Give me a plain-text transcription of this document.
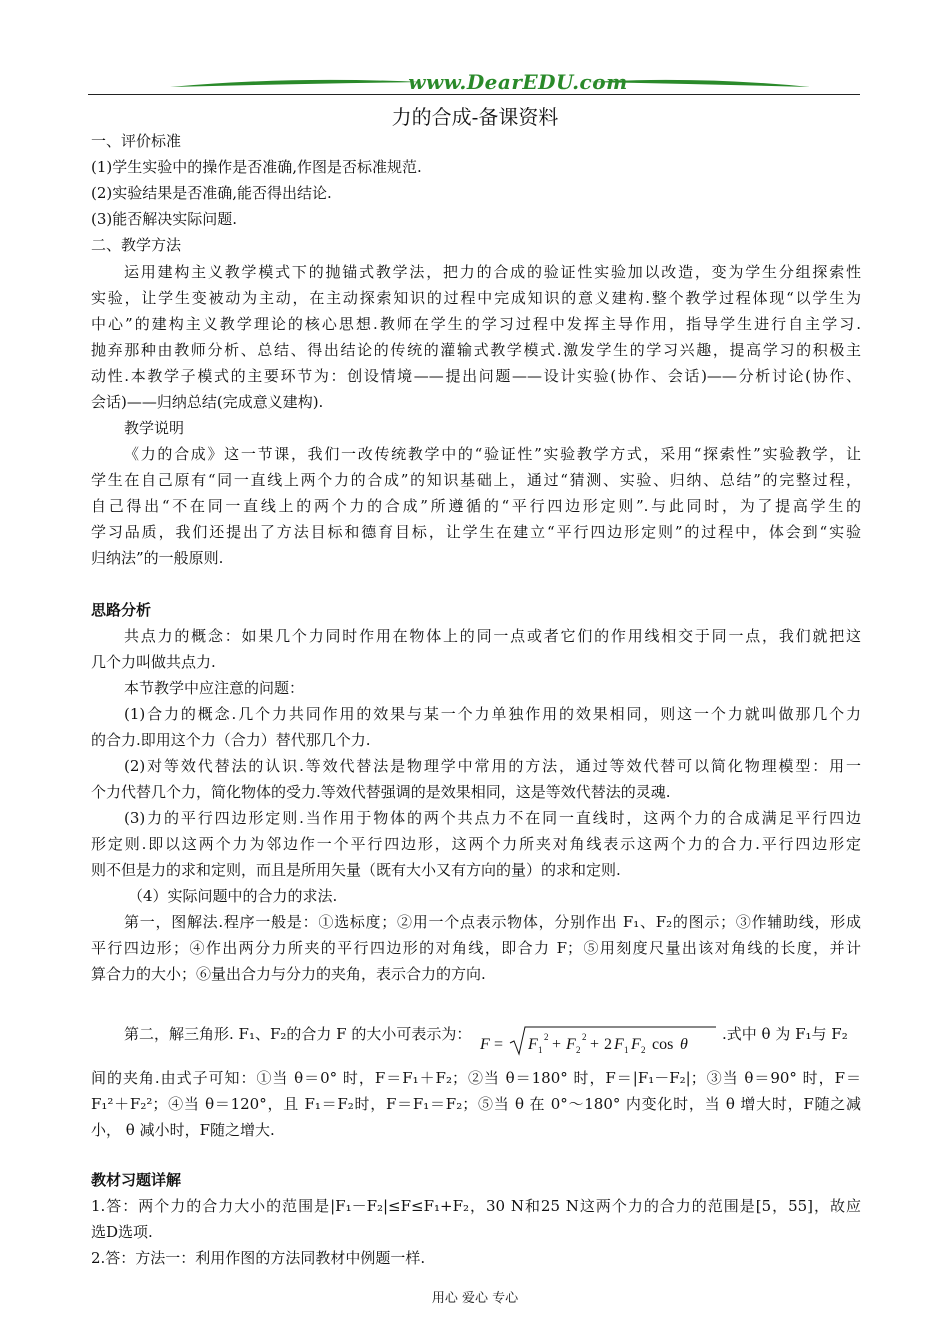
www.DearEDU.com
力的合成-备课资料
一、评价标准
(1)学生实验中的操作是否准确,作图是否标准规范.
(2)实验结果是否准确,能否得出结论.
(3)能否解决实际问题.
二、教学方法
运用建构主义教学模式下的抛锚式教学法，把力的合成的验证性实验加以改造，变为学生分组探索性
实验，让学生变被动为主动，在主动探索知识的过程中完成知识的意义建构.整个教学过程体现“以学生为
中心”的建构主义教学理论的核心思想.教师在学生的学习过程中发挥主导作用，指导学生进行自主学习.
抛弃那种由教师分析、总结、得出结论的传统的灌输式教学模式.激发学生的学习兴趣，提高学习的积极主
动性.本教学子模式的主要环节为：创设情境——提出问题——设计实验(协作、会话)——分析讨论(协作、
会话)——归纳总结(完成意义建构).
教学说明
《力的合成》这一节课，我们一改传统教学中的“验证性”实验教学方式，采用“探索性”实验教学，让
学生在自己原有“同一直线上两个力的合成”的知识基础上，通过“猜测、实验、归纳、总结”的完整过程，
自己得出“不在同一直线上的两个力的合成”所遵循的“平行四边形定则”.与此同时，为了提高学生的
学习品质，我们还提出了方法目标和德育目标，让学生在建立“平行四边形定则”的过程中，体会到“实验
归纳法”的一般原则.
思路分析
共点力的概念：如果几个力同时作用在物体上的同一点或者它们的作用线相交于同一点，我们就把这
几个力叫做共点力.
本节教学中应注意的问题：
(1)合力的概念.几个力共同作用的效果与某一个力单独作用的效果相同，则这一个力就叫做那几个力
的合力.即用这个力（合力）替代那几个力.
(2)对等效代替法的认识.等效代替法是物理学中常用的方法，通过等效代替可以简化物理模型：用一
个力代替几个力，简化物体的受力.等效代替强调的是效果相同，这是等效代替法的灵魂.
(3)力的平行四边形定则.当作用于物体的两个共点力不在同一直线时，这两个力的合成满足平行四边
形定则.即以这两个力为邻边作一个平行四边形，这两个力所夹对角线表示这两个力的合力.平行四边形定
则不但是力的求和定则，而且是所用矢量（既有大小又有方向的量）的求和定则.
（4）实际问题中的合力的求法.
第一，图解法.程序一般是：①选标度；②用一个点表示物体，分别作出 F₁、F₂的图示；③作辅助线，形成
平行四边形；④作出两分力所夹的平行四边形的对角线，即合力 F；⑤用刻度尺量出该对角线的长度，并计
算合力的大小；⑥量出合力与分力的夹角，表示合力的方向.
第二，解三角形. F₁、F₂的合力 F 的大小可表示为：
F = F 1
2 + F 2
2 + 2 F 1 F 2 cos θ
.式中 θ 为 F₁与 F₂
间的夹角.由式子可知：①当 θ＝0° 时，F＝F₁＋F₂；②当 θ＝180° 时，F＝|F₁－F₂|；③当 θ＝90° 时，F＝
F₁²＋F₂²；④当 θ＝120°，且 F₁＝F₂时，F＝F₁＝F₂；⑤当 θ 在 0°～180° 内变化时，当 θ 增大时，F随之减
小， θ 减小时，F随之增大.
教材习题详解
1.答：两个力的合力大小的范围是|F₁－F₂|≤F≤F₁+F₂，30 N和25 N这两个力的合力的范围是[5，55]，故应
选D选项.
2.答：方法一：利用作图的方法同教材中例题一样.
用心 爱心 专心
